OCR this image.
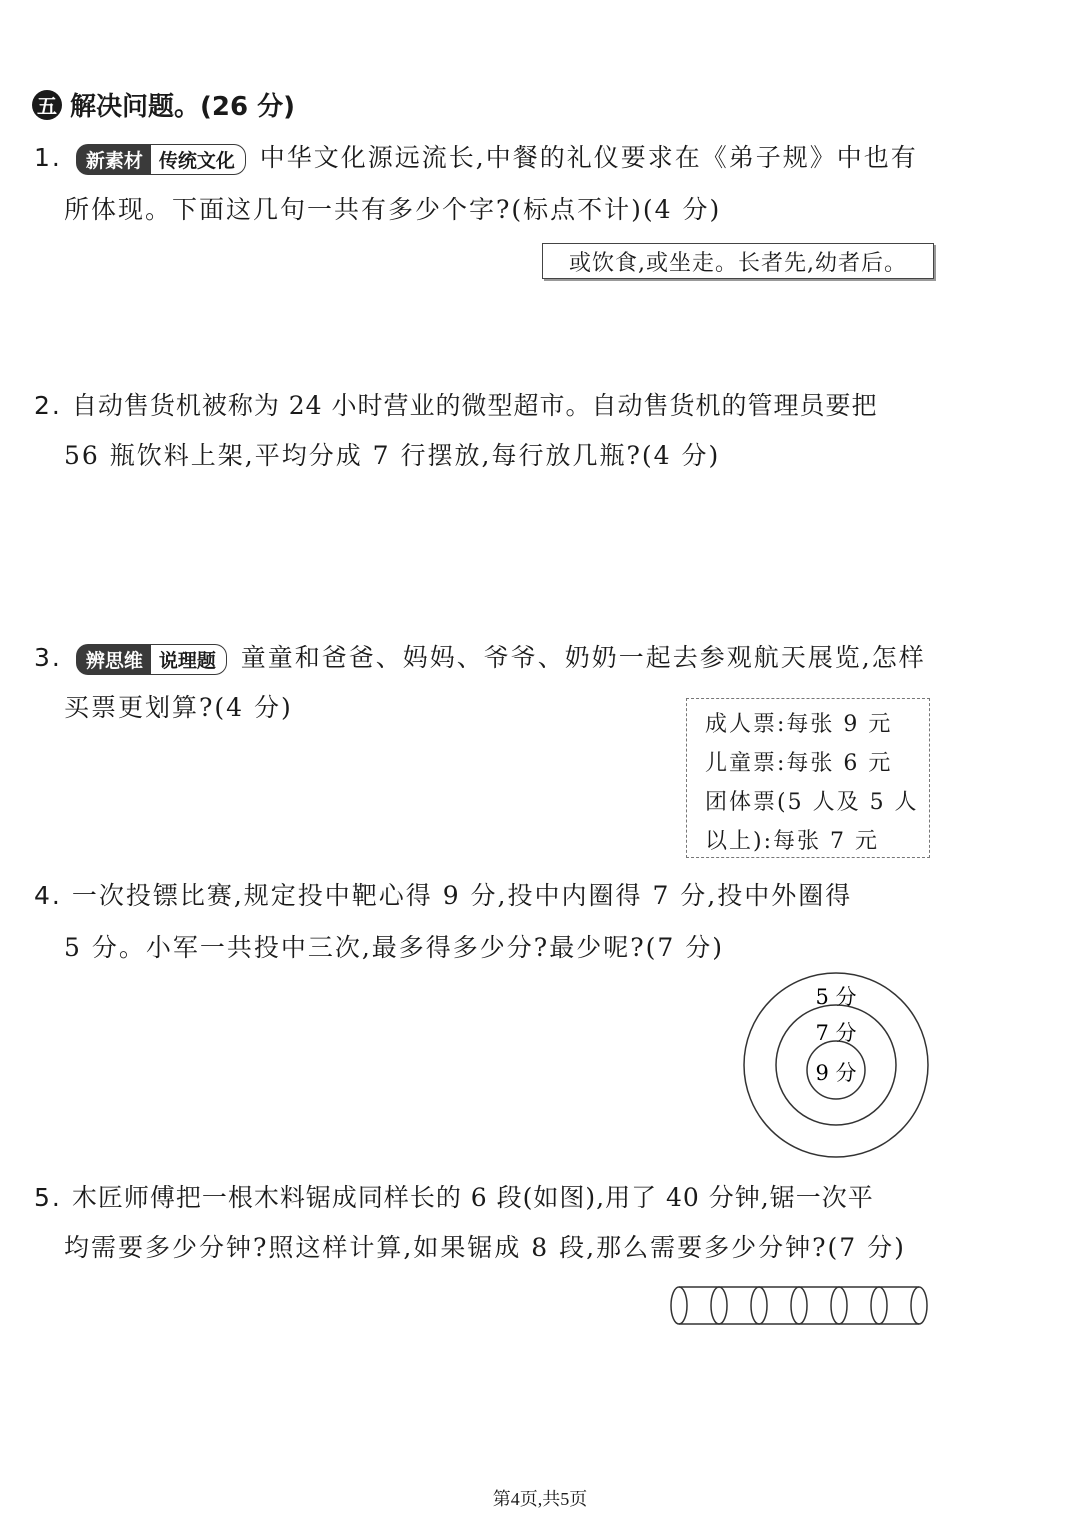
五 解决问题。(26 分)
1.	新素材 传统文化 中华文化源远流长,中餐的礼仪要求在《弟子规》中也有
所体现。下面这几句一共有多少个字?(标点不计)(4 分)
或饮食,或坐走。长者先,幼者后。
2. 自动售货机被称为 24 小时营业的微型超市。自动售货机的管理员要把
56 瓶饮料上架,平均分成 7 行摆放,每行放几瓶?(4 分)
3.	辨思维 说理题 童童和爸爸、妈妈、爷爷、奶奶一起去参观航天展览,怎样
买票更划算?(4 分)
成人票:每张 9 元
儿童票:每张 6 元
团体票(5 人及 5 人
以上):每张 7 元
4. 一次投镖比赛,规定投中靶心得 9 分,投中内圈得 7 分,投中外圈得
5 分。小军一共投中三次,最多得多少分?最少呢?(7 分)
5 分
7 分
9 分
5. 木匠师傅把一根木料锯成同样长的 6 段(如图),用了 40 分钟,锯一次平
均需要多少分钟?照这样计算,如果锯成 8 段,那么需要多少分钟?(7 分)
第4页,共5页
